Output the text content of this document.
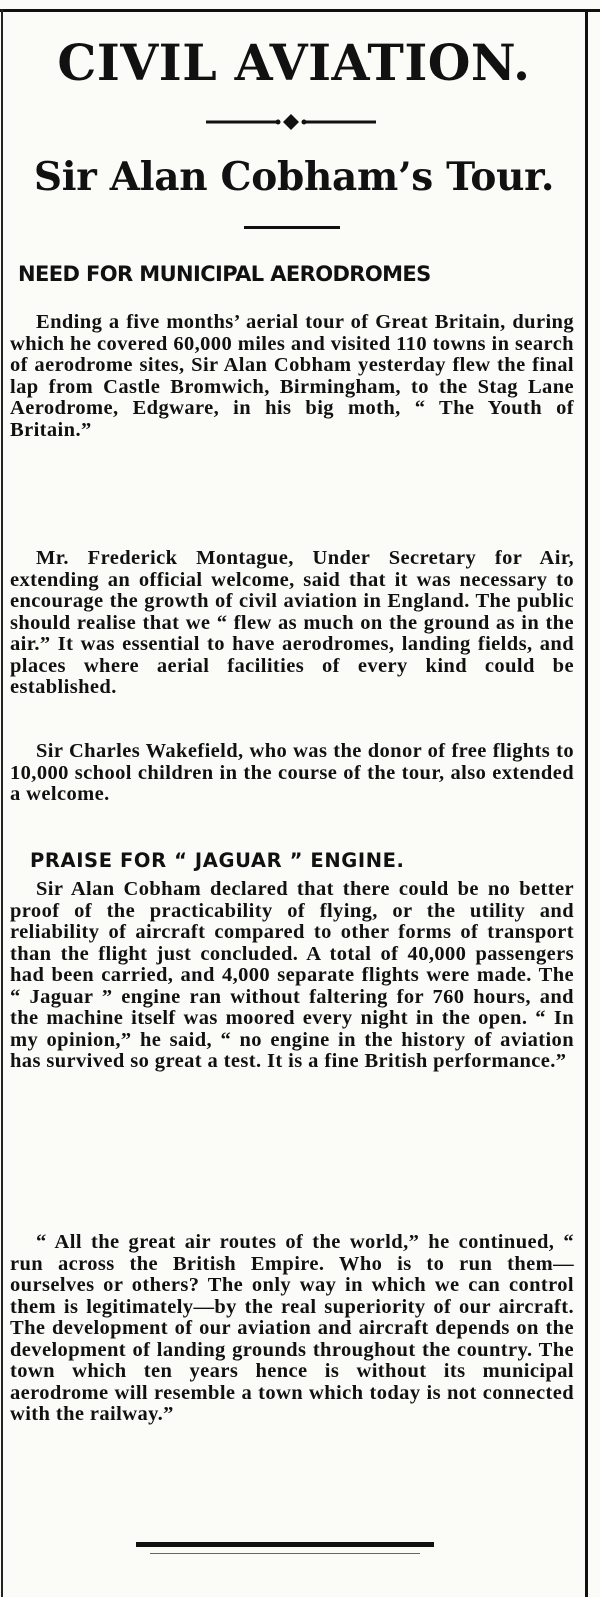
CIVIL AVIATION.
Sir Alan Cobham’s Tour.
NEED FOR MUNICIPAL AERODROMES

Ending a five months’ aerial tour of Great Britain, during which he covered 60,000 miles and visited 110 towns in search of aerodrome sites, Sir Alan Cobham yesterday flew the final lap from Castle Bromwich, Birmingham, to the Stag Lane Aerodrome, Edgware, in his big moth, “ The Youth of Britain.”

Mr. Frederick Montague, Under Secretary for Air, extending an official welcome, said that it was necessary to encourage the growth of civil aviation in England. The public should realise that we “ flew as much on the ground as in the air.” It was essential to have aerodromes, landing fields, and places where aerial facilities of every kind could be established.

Sir Charles Wakefield, who was the donor of free flights to 10,000 school children in the course of the tour, also extended a welcome.

PRAISE FOR “ JAGUAR ” ENGINE.

Sir Alan Cobham declared that there could be no better proof of the practicability of flying, or the utility and reliability of aircraft compared to other forms of transport than the flight just concluded. A total of 40,000 passengers had been carried, and 4,000 separate flights were made. The “ Jaguar ” engine ran without faltering for 760 hours, and the machine itself was moored every night in the open. “ In my opinion,” he said, “ no engine in the history of aviation has survived so great a test. It is a fine British performance.”

“ All the great air routes of the world,” he continued, “ run across the British Empire. Who is to run them—ourselves or others? The only way in which we can control them is legitimately—by the real superiority of our aircraft. The development of our aviation and aircraft depends on the development of landing grounds throughout the country. The town which ten years hence is without its municipal aerodrome will resemble a town which today is not connected with the railway.”
